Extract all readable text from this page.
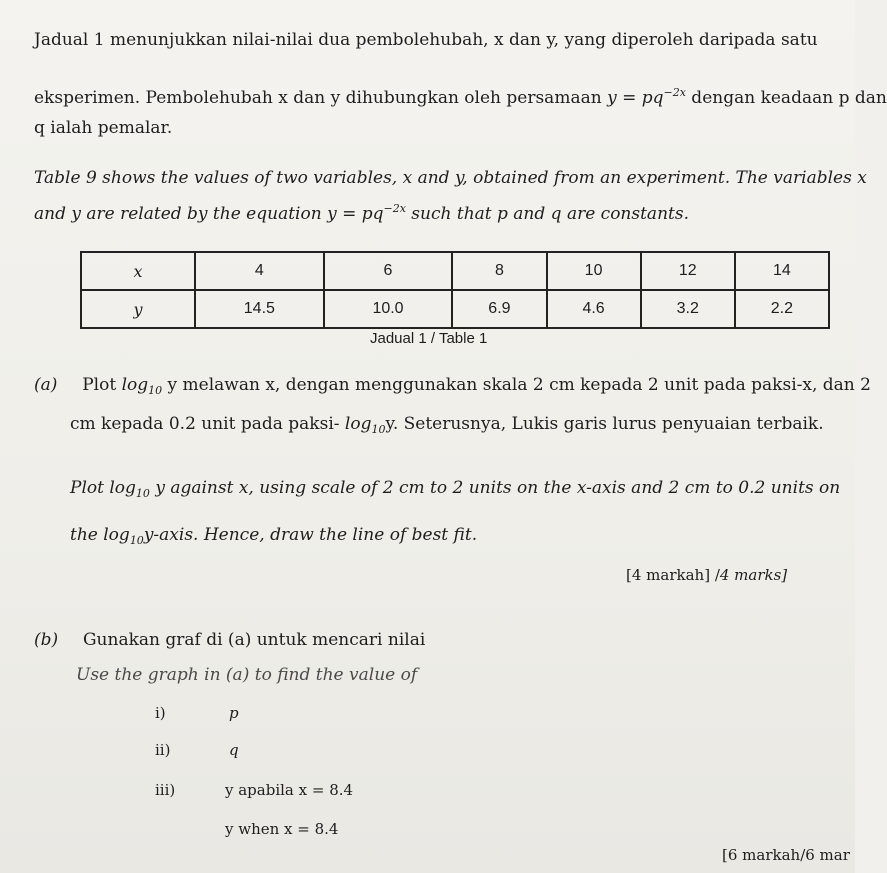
Jadual 1 menunjukkan nilai-nilai dua pembolehubah, x dan y, yang diperoleh daripada satu
eksperimen. Pembolehubah x dan y dihubungkan oleh persamaan $y = pq^{-2x}$ dengan keadaan p dan
q ialah pemalar.
Table 9 shows the values of two variables, x and y, obtained from an experiment. The variables x
and y are related by the equation $y = pq^{-2x}$ such that p and q are constants.
x	4	6	8	10	12	14
y	14.5	10.0	6.9	4.6	3.2	2.2
Jadual 1 / Table 1
(a) Plot $\log_{10} y$ melawan x, dengan menggunakan skala 2 cm kepada 2 unit pada paksi-x, dan 2
cm kepada 0.2 unit pada paksi- $\log_{10}y$. Seterusnya, Lukis garis lurus penyuaian terbaik.
Plot $\log_{10} y$ against x, using scale of 2 cm to 2 units on the x-axis and 2 cm to 0.2 units on
the $\log_{10}y$-axis. Hence, draw the line of best fit.
[4 markah] /4 marks]
(b) Gunakan graf di (a) untuk mencari nilai
Use the graph in (a) to find the value of
i)	p
ii)	q
iii)	y apabila x = 8.4
y when x = 8.4
[6 markah/6 mar
